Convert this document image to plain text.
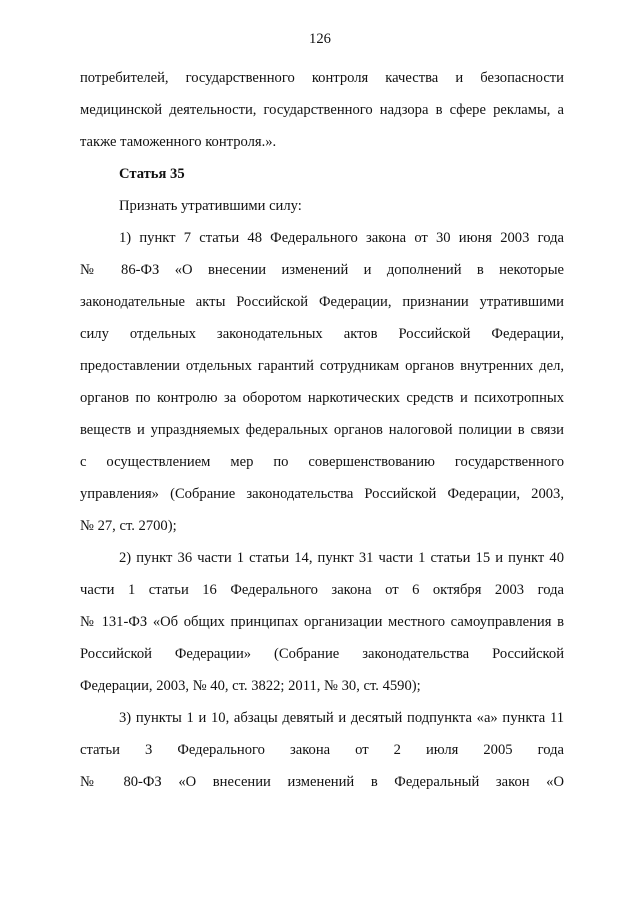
126
потребителей, государственного контроля качества и безопасности
медицинской деятельности, государственного надзора в сфере рекламы, а
также таможенного контроля.».
Статья 35
Признать утратившими силу:
1) пункт 7 статьи 48 Федерального закона от 30 июня 2003 года
№ 86-ФЗ «О внесении изменений и дополнений в некоторые
законодательные акты Российской Федерации, признании утратившими
силу отдельных законодательных актов Российской Федерации,
предоставлении отдельных гарантий сотрудникам органов внутренних дел,
органов по контролю за оборотом наркотических средств и психотропных
веществ и упраздняемых федеральных органов налоговой полиции в связи
с осуществлением мер по совершенствованию государственного
управления» (Собрание законодательства Российской Федерации, 2003,
№ 27, ст. 2700);
2) пункт 36 части 1 статьи 14, пункт 31 части 1 статьи 15 и пункт 40
части 1 статьи 16 Федерального закона от 6 октября 2003 года
№ 131-ФЗ «Об общих принципах организации местного самоуправления в
Российской Федерации» (Собрание законодательства Российской
Федерации, 2003, № 40, ст. 3822; 2011, № 30, ст. 4590);
3) пункты 1 и 10, абзацы девятый и десятый подпункта «а» пункта 11
статьи 3 Федерального закона от 2 июля 2005 года
№ 80-ФЗ «О внесении изменений в Федеральный закон «О
